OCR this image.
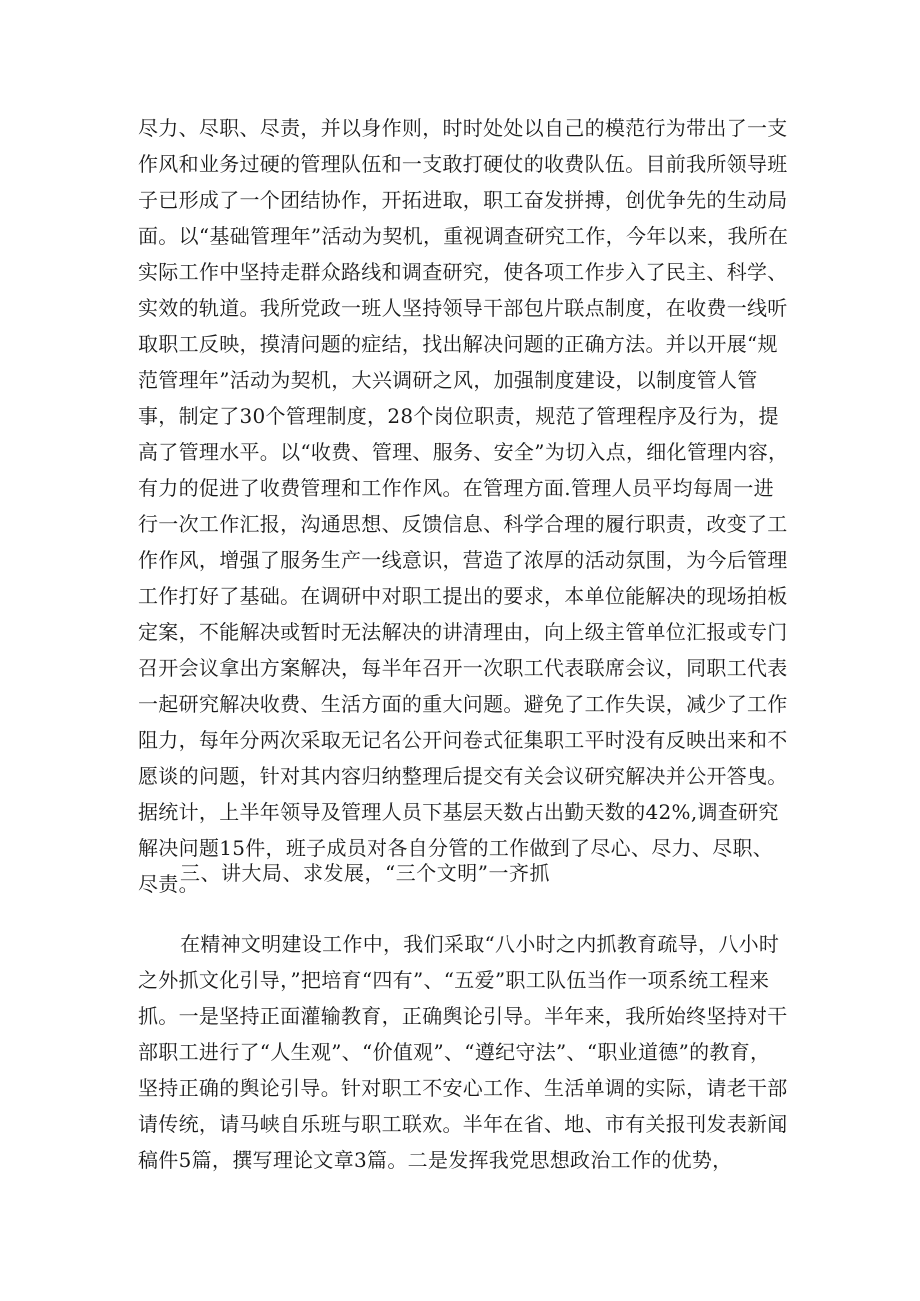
尽力、尽职、尽责，并以身作则，时时处处以自己的模范行为带出了一支作风和业务过硬的管理队伍和一支敢打硬仗的收费队伍。目前我所领导班子已形成了一个团结协作，开拓进取，职工奋发拼搏，创优争先的生动局面。以“基础管理年”活动为契机，重视调查研究工作，今年以来，我所在实际工作中坚持走群众路线和调查研究，使各项工作步入了民主、科学、实效的轨道。我所党政一班人坚持领导干部包片联点制度，在收费一线听取职工反映，摸清问题的症结，找出解决问题的正确方法。并以开展“规范管理年”活动为契机，大兴调研之风，加强制度建设，以制度管人管事，制定了30个管理制度，28个岗位职责，规范了管理程序及行为，提高了管理水平。以“收费、管理、服务、安全”为切入点，细化管理内容，有力的促进了收费管理和工作作风。在管理方面.管理人员平均每周一进行一次工作汇报，沟通思想、反馈信息、科学合理的履行职责，改变了工作作风，增强了服务生产一线意识，营造了浓厚的活动氛围，为今后管理工作打好了基础。在调研中对职工提出的要求，本单位能解决的现场拍板定案，不能解决或暂时无法解决的讲清理由，向上级主管单位汇报或专门召开会议拿出方案解决，每半年召开一次职工代表联席会议，同职工代表一起研究解决收费、生活方面的重大问题。避免了工作失误，减少了工作阻力，每年分两次采取无记名公开问卷式征集职工平时没有反映出来和不愿谈的问题，针对其内容归纳整理后提交有关会议研究解决并公开答曳。据统计，上半年领导及管理人员下基层天数占出勤天数的42%,调查研究解决问题15件，班子成员对各自分管的工作做到了尽心、尽力、尽职、尽责。

三、讲大局、求发展，“三个文明”一齐抓

在精神文明建设工作中，我们采取“八小时之内抓教育疏导，八小时之外抓文化引导，”把培育“四有”、“五爱”职工队伍当作一项系统工程来抓。一是坚持正面灌输教育，正确舆论引导。半年来，我所始终坚持对干部职工进行了“人生观”、“价值观”、“遵纪守法”、“职业道德”的教育，坚持正确的舆论引导。针对职工不安心工作、生活单调的实际，请老干部请传统，请马峡自乐班与职工联欢。半年在省、地、市有关报刊发表新闻稿件5篇，撰写理论文章3篇。二是发挥我党思想政治工作的优势，
